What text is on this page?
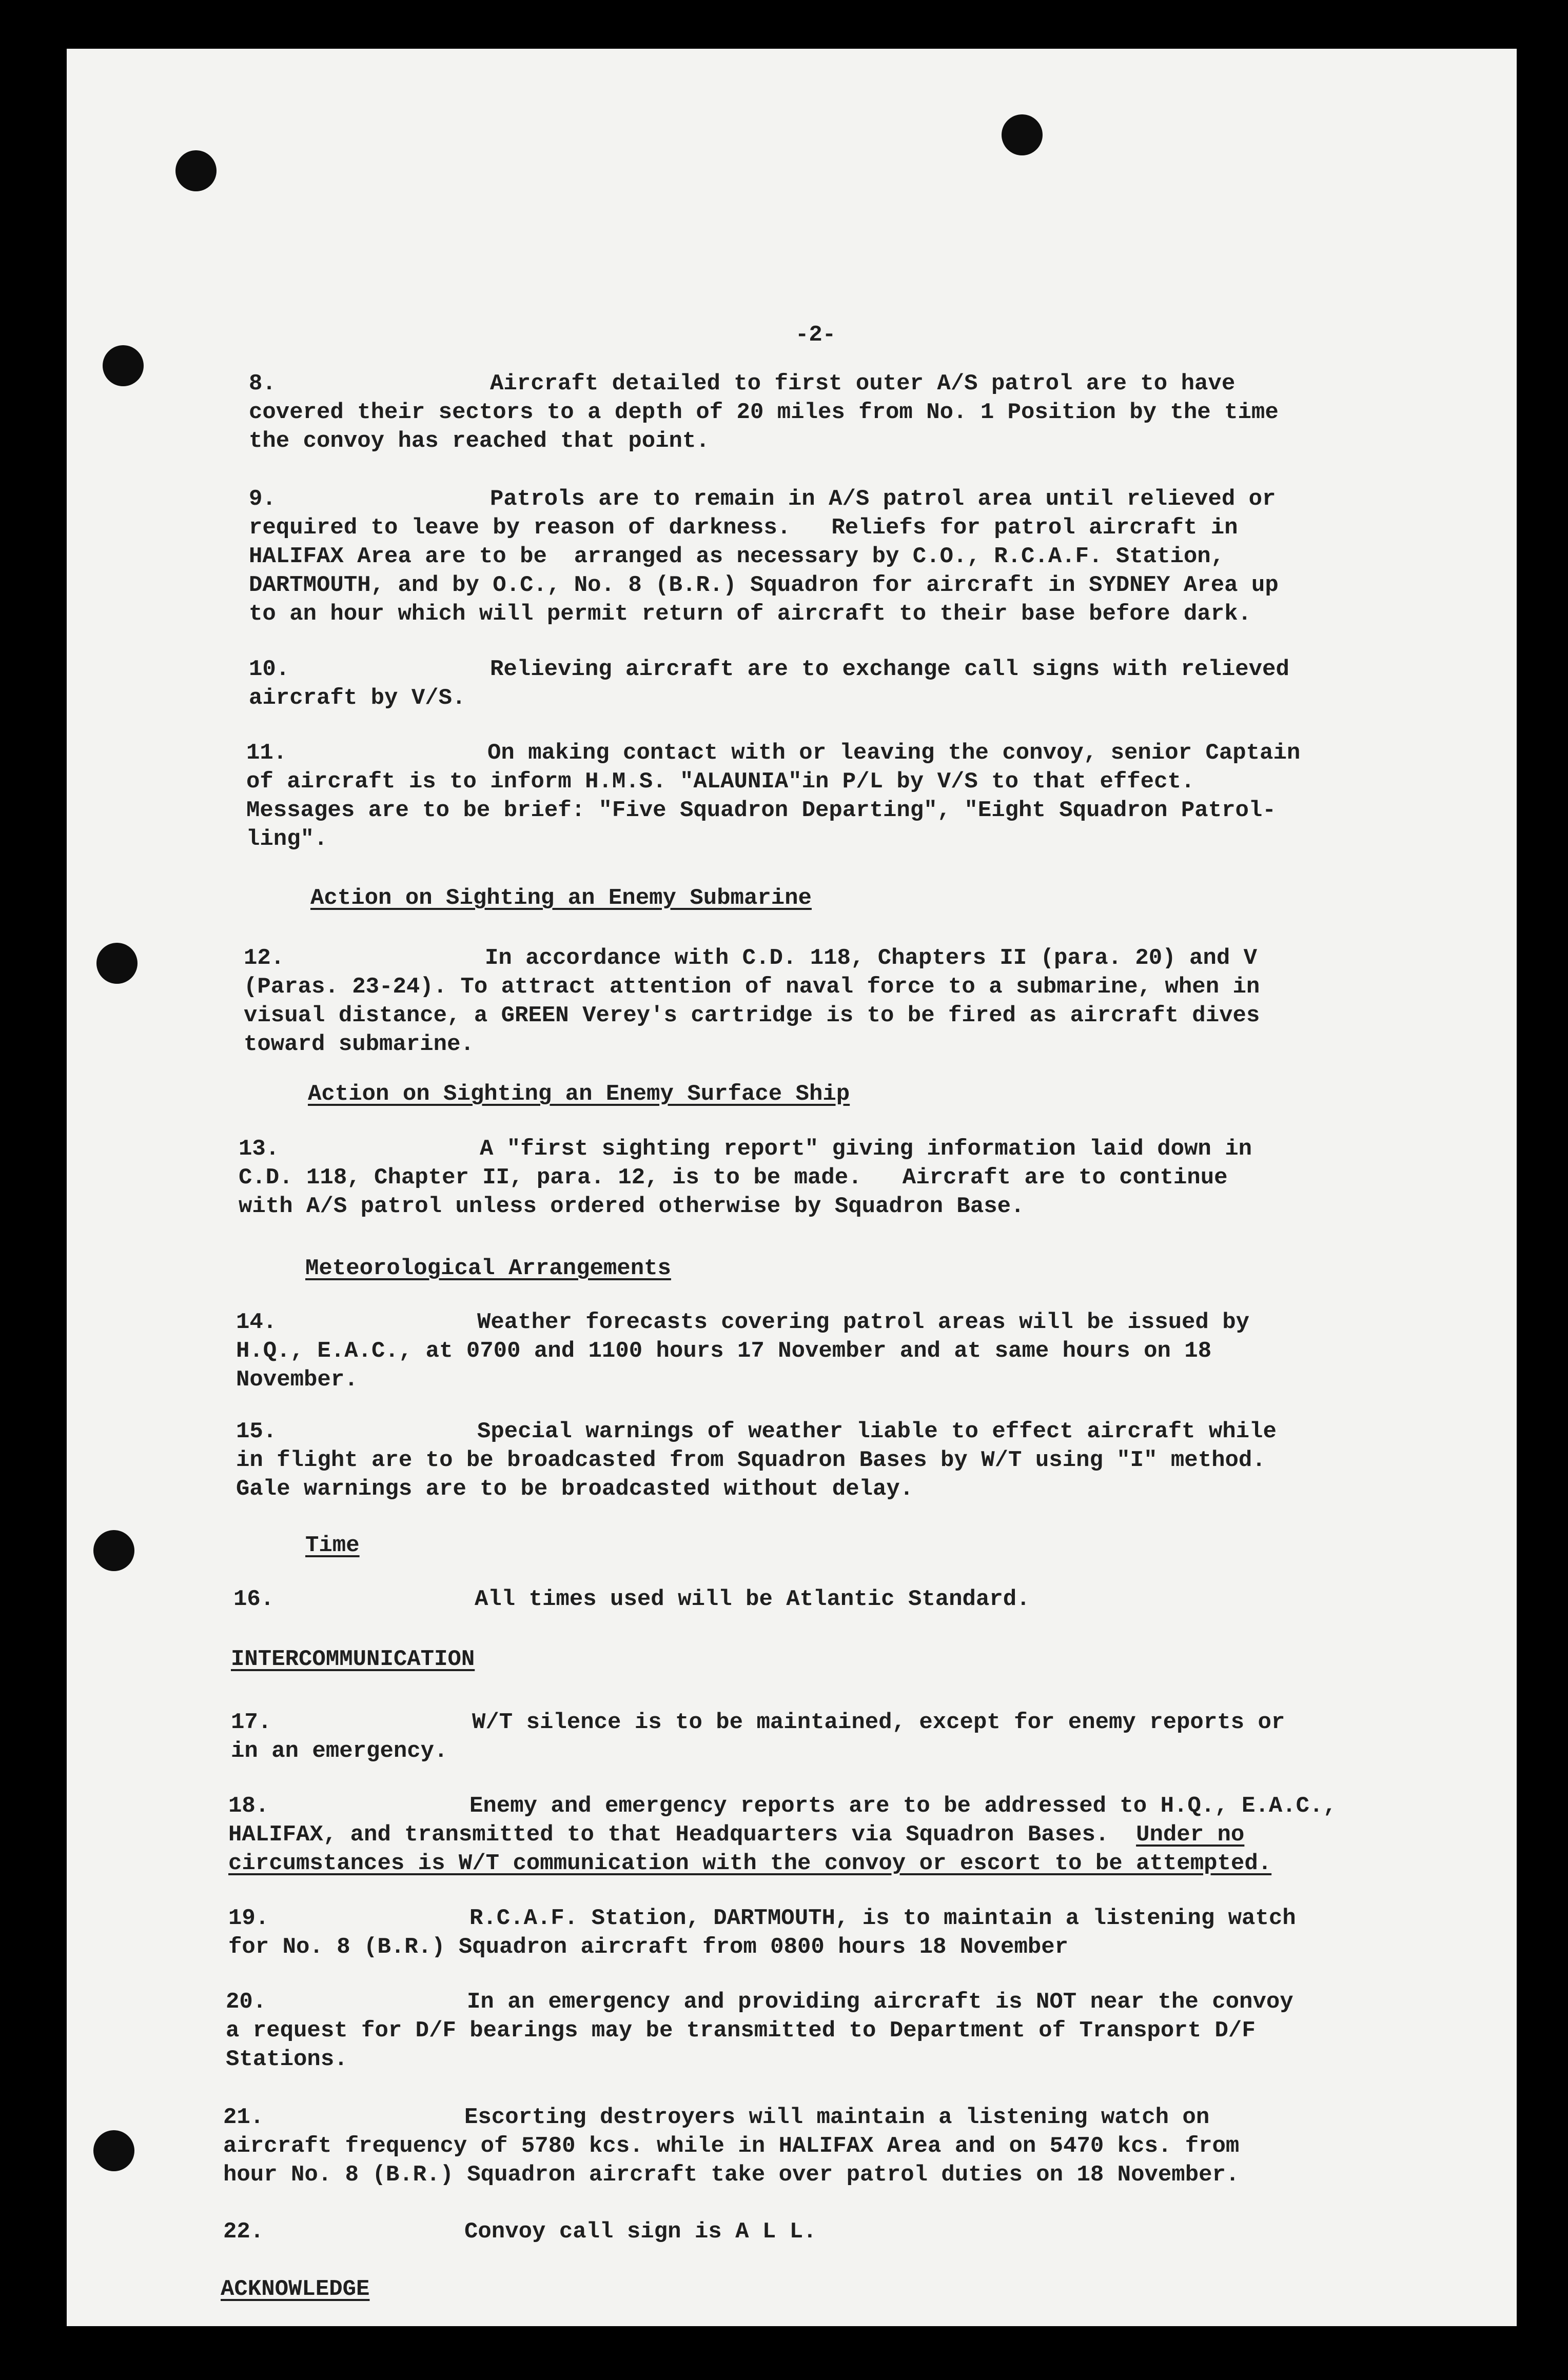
-2-
8.	Aircraft detailed to first outer A/S patrol are to have
covered their sectors to a depth of 20 miles from No. 1 Position by the time
the convoy has reached that point.
9.	Patrols are to remain in A/S patrol area until relieved or
required to leave by reason of darkness.   Reliefs for patrol aircraft in
HALIFAX Area are to be  arranged as necessary by C.O., R.C.A.F. Station,
DARTMOUTH, and by O.C., No. 8 (B.R.) Squadron for aircraft in SYDNEY Area up
to an hour which will permit return of aircraft to their base before dark.
10.	Relieving aircraft are to exchange call signs with relieved
aircraft by V/S.
11.	On making contact with or leaving the convoy, senior Captain
of aircraft is to inform H.M.S. "ALAUNIA"in P/L by V/S to that effect.
Messages are to be brief: "Five Squadron Departing", "Eight Squadron Patrol-
ling".
Action on Sighting an Enemy Submarine
12.	In accordance with C.D. 118, Chapters II (para. 20) and V
(Paras. 23-24). To attract attention of naval force to a submarine, when in
visual distance, a GREEN Verey's cartridge is to be fired as aircraft dives
toward submarine.
Action on Sighting an Enemy Surface Ship
13.	A "first sighting report" giving information laid down in
C.D. 118, Chapter II, para. 12, is to be made.   Aircraft are to continue
with A/S patrol unless ordered otherwise by Squadron Base.
Meteorological Arrangements
14.	Weather forecasts covering patrol areas will be issued by
H.Q., E.A.C., at 0700 and 1100 hours 17 November and at same hours on 18
November.
15.	Special warnings of weather liable to effect aircraft while
in flight are to be broadcasted from Squadron Bases by W/T using "I" method.
Gale warnings are to be broadcasted without delay.
Time
16.	All times used will be Atlantic Standard.
INTERCOMMUNICATION
17.	W/T silence is to be maintained, except for enemy reports or
in an emergency.
18.	Enemy and emergency reports are to be addressed to H.Q., E.A.C.,
HALIFAX, and transmitted to that Headquarters via Squadron Bases. Under no
circumstances is W/T communication with the convoy or escort to be attempted.
19.	R.C.A.F. Station, DARTMOUTH, is to maintain a listening watch
for No. 8 (B.R.) Squadron aircraft from 0800 hours 18 November
20.	In an emergency and providing aircraft is NOT near the convoy
a request for D/F bearings may be transmitted to Department of Transport D/F
Stations.
21.	Escorting destroyers will maintain a listening watch on
aircraft frequency of 5780 kcs. while in HALIFAX Area and on 5470 kcs. from
hour No. 8 (B.R.) Squadron aircraft take over patrol duties on 18 November.
22.	Convoy call sign is A L L.
ACKNOWLEDGE
